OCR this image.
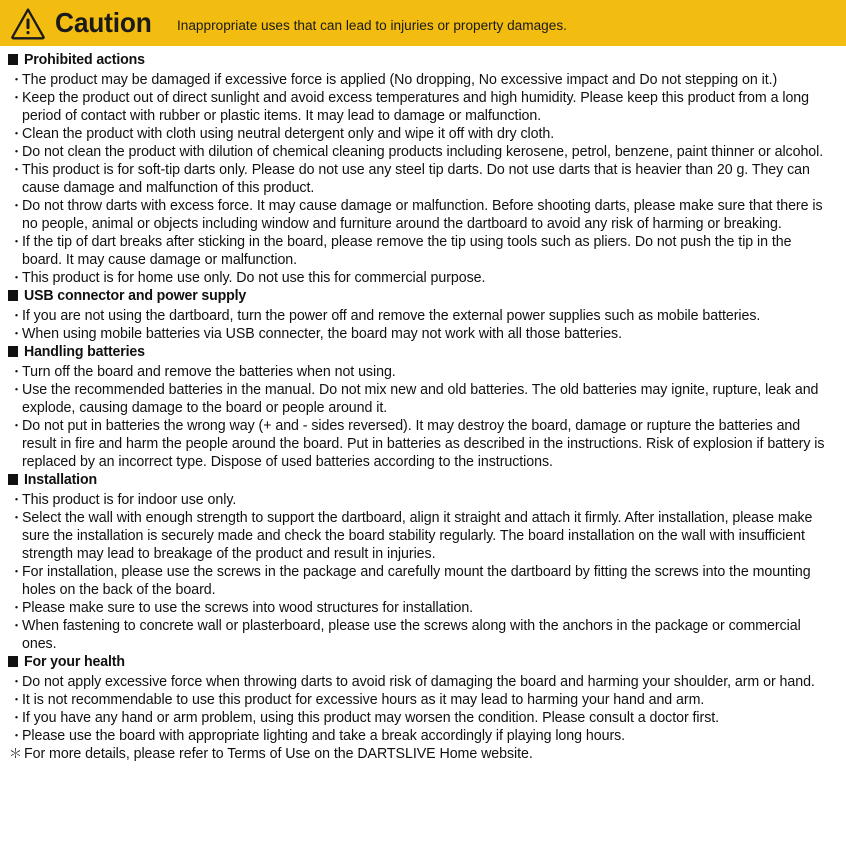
Caution Inappropriate uses that can lead to injuries or property damages.
Prohibited actions
・
The product may be damaged if excessive force is applied (No dropping, No excessive impact and Do not stepping on it.)
・
Keep the product out of direct sunlight and avoid excess temperatures and high humidity. Please keep this product from a long period of contact with rubber or plastic items. It may lead to damage or malfunction.
・
Clean the product with cloth using neutral detergent only and wipe it off with dry cloth.
・
Do not clean the product with dilution of chemical cleaning products including kerosene, petrol, benzene, paint thinner or alcohol.
・
This product is for soft-tip darts only. Please do not use any steel tip darts. Do not use darts that is heavier than 20 g. They can cause damage and malfunction of this product.
・
Do not throw darts with excess force. It may cause damage or malfunction. Before shooting darts, please make sure that there is no people, animal or objects including window and furniture around the dartboard to avoid any risk of harming or breaking.
・
If the tip of dart breaks after sticking in the board, please remove the tip using tools such as pliers. Do not push the tip in the board. It may cause damage or malfunction.
・
This product is for home use only. Do not use this for commercial purpose.
USB connector and power supply
・
If you are not using the dartboard, turn the power off and remove the external power supplies such as mobile batteries.
・
When using mobile batteries via USB connecter, the board may not work with all those batteries.
Handling batteries
・
Turn off the board and remove the batteries when not using.
・
Use the recommended batteries in the manual. Do not mix new and old batteries. The old batteries may ignite, rupture, leak and explode, causing damage to the board or people around it.
・
Do not put in batteries the wrong way (+ and - sides reversed). It may destroy the board, damage or rupture the batteries and result in fire and harm the people around the board. Put in batteries as described in the instructions. Risk of explosion if battery is replaced by an incorrect type. Dispose of used batteries according to the instructions.
Installation
・
This product is for indoor use only.
・
Select the wall with enough strength to support the dartboard, align it straight and attach it firmly. After installation, please make sure the installation is securely made and check the board stability regularly. The board installation on the wall with insufficient strength may lead to breakage of the product and result in injuries.
・
For installation, please use the screws in the package and carefully mount the dartboard by fitting the screws into the mounting holes on the back of the board.
・
Please make sure to use the screws into wood structures for installation.
・
When fastening to concrete wall or plasterboard, please use the screws along with the anchors in the package or commercial ones.
For your health
・
Do not apply excessive force when throwing darts to avoid risk of damaging the board and harming your shoulder, arm or hand.
・
It is not recommendable to use this product for excessive hours as it may lead to harming your hand and arm.
・
If you have any hand or arm problem, using this product may worsen the condition. Please consult a doctor first.
・
Please use the board with appropriate lighting and take a break accordingly if playing long hours.
＊ For more details, please refer to Terms of Use on the DARTSLIVE Home website.
